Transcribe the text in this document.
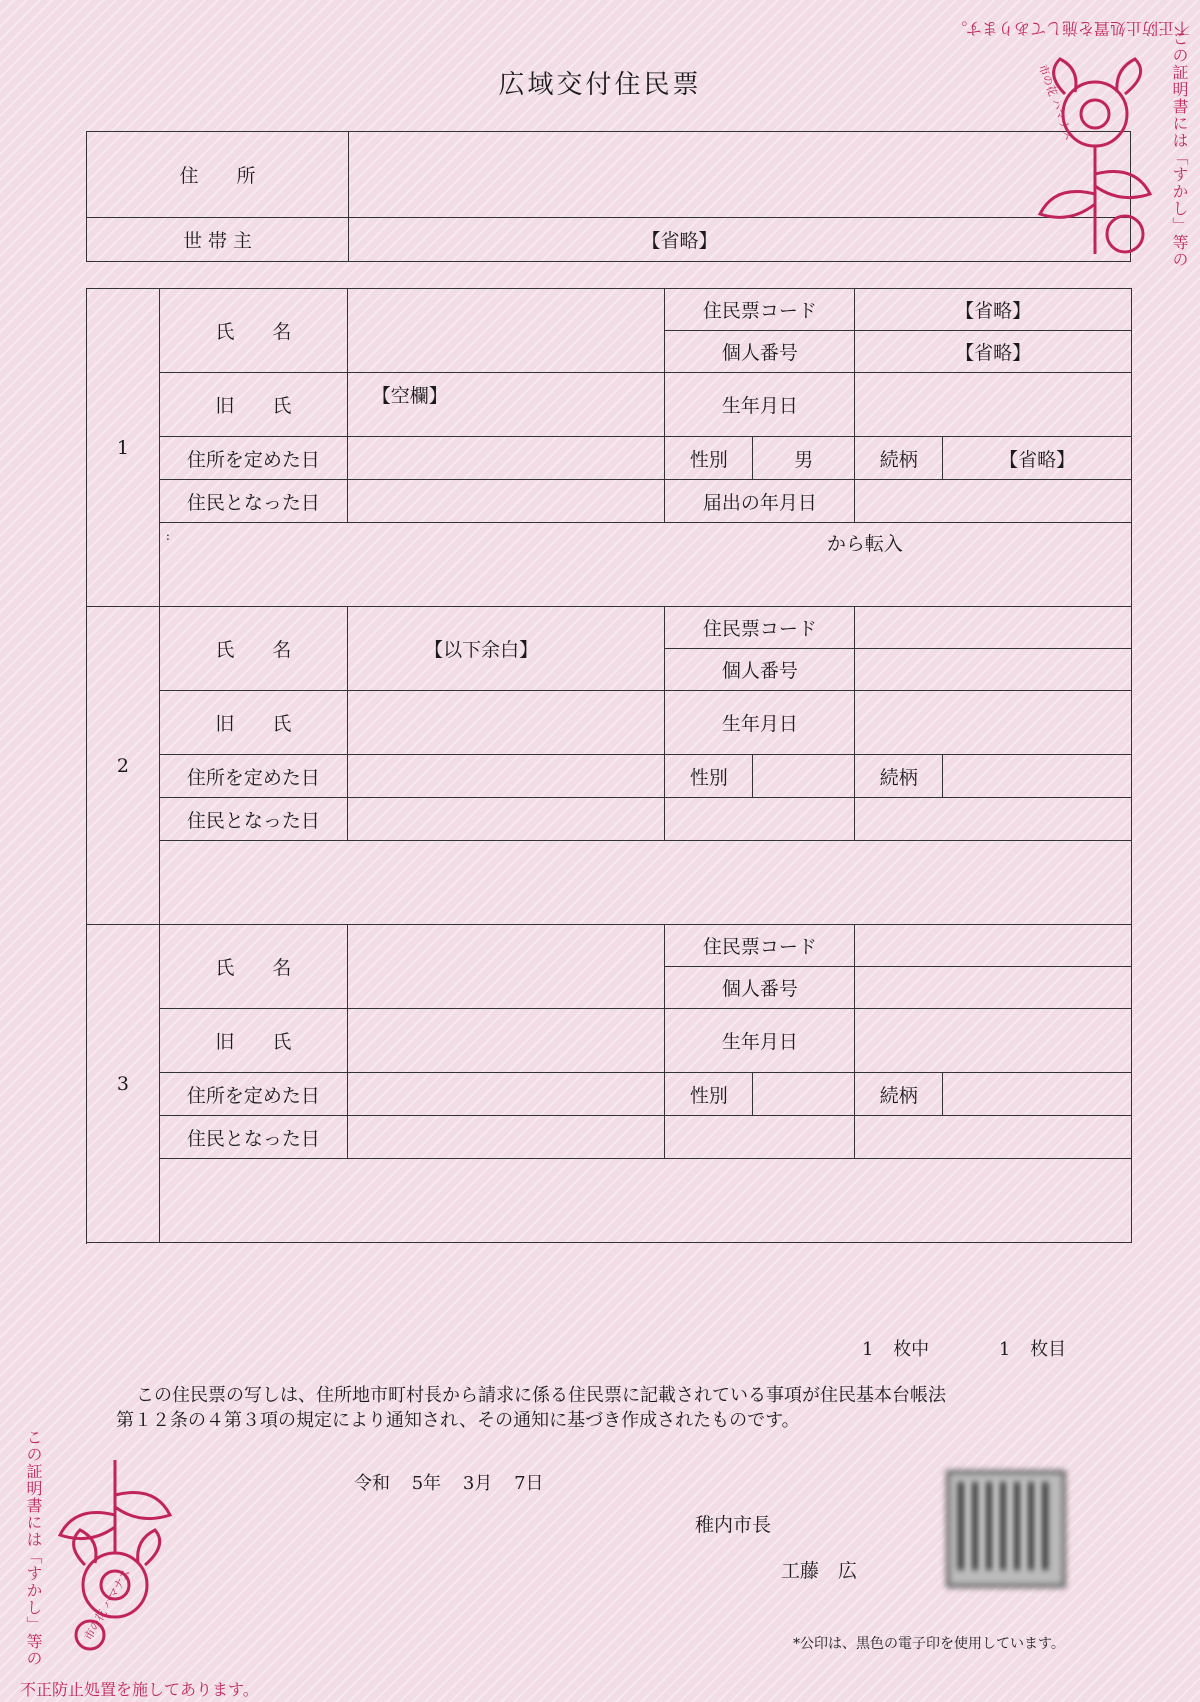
広域交付住民票
住　　所	
世 帯 主	【省略】
1	氏　　名		住民票コード		【省略】	
			個人番号		【省略】	
	旧　　氏	【空欄】	生年月日			
	住所を定めた日		性別	男	続柄	【省略】
	住民となった日		届出の年月日			

	: から転入					

2	氏　　名	【以下余白】	住民票コード			
			個人番号			
	旧　　氏		生年月日			
	住所を定めた日		性別		続柄	
	住民となった日					

3	氏　　名		住民票コード			
			個人番号			
	旧　　氏		生年月日			
	住所を定めた日		性別		続柄	
	住民となった日					

1 枚中	1 枚目
この住民票の写しは、住所地市町村長から請求に係る住民票に記載されている事項が住民基本台帳法
第１２条の４第３項の規定により通知され、その通知に基づき作成されたものです。
令和 5年 3月 7日
稚内市長
工藤　広
*公印は、黒色の電子印を使用しています。
不正防止処置を施してあります。
この証明書には「すかし」等の
市の花 ハマナス
この証明書には「すかし」等の	市の花 ハマナス
不正防止処置を施してあります。
